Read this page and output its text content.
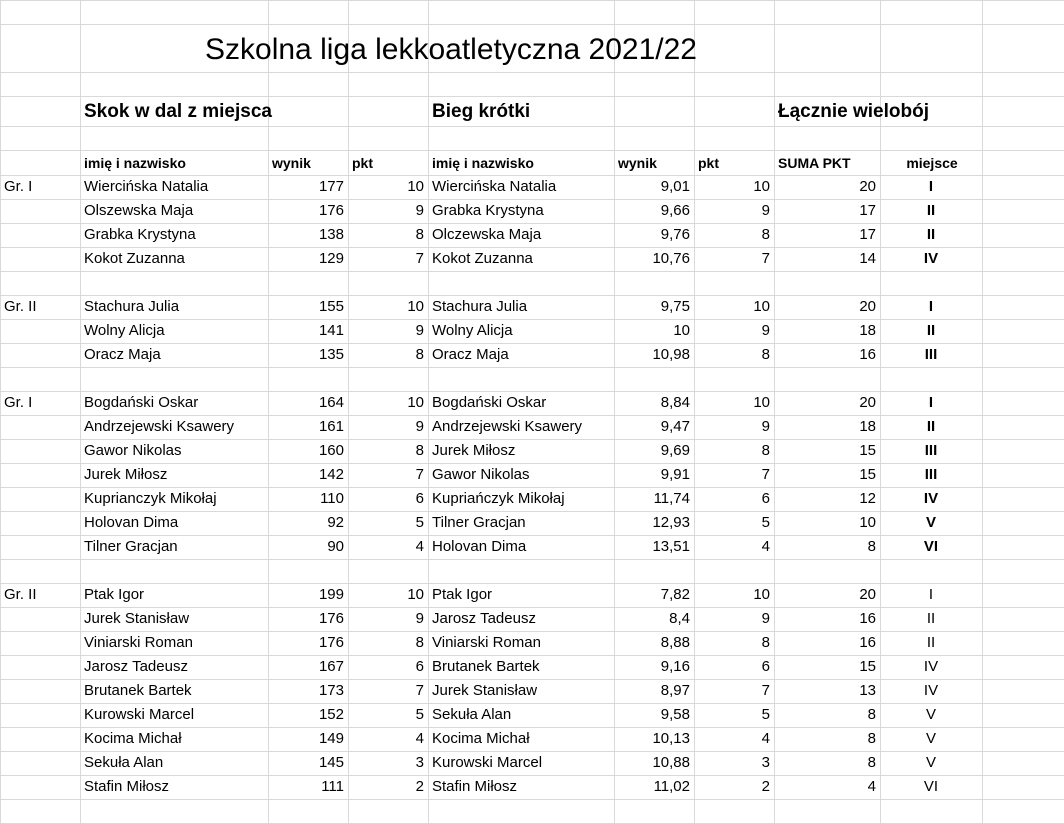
Szkolna liga lekkoatletyczna 2021/22
Skok w dal z miejsca	Bieg krótki	Łącznie wielobój
imię i nazwisko	wynik	pkt	imię i nazwisko	wynik	pkt	SUMA PKT	miejsce
Gr. I	Wiercińska Natalia	177	10 Wiercińska Natalia	9,01	10	20	I
Olszewska Maja	176	9 Grabka Krystyna	9,66	9	17	II
Grabka Krystyna	138	8 Olczewska Maja	9,76	8	17	II
Kokot Zuzanna	129	7 Kokot Zuzanna	10,76	7	14	IV
Gr. II	Stachura Julia	155	10 Stachura Julia	9,75	10	20	I
Wolny Alicja	141	9 Wolny Alicja	10	9	18	II
Oracz Maja	135	8 Oracz Maja	10,98	8	16	III
Gr. I	Bogdański Oskar	164	10 Bogdański Oskar	8,84	10	20	I
Andrzejewski Ksawery	161	9 Andrzejewski Ksawery	9,47	9	18	II
Gawor Nikolas	160	8 Jurek Miłosz	9,69	8	15	III
Jurek Miłosz	142	7 Gawor Nikolas	9,91	7	15	III
Kuprianczyk Mikołaj	110	6 Kupriańczyk Mikołaj	11,74	6	12	IV
Holovan Dima	92	5 Tilner Gracjan	12,93	5	10	V
Tilner Gracjan	90	4 Holovan Dima	13,51	4	8	VI
Gr. II	Ptak Igor	199	10 Ptak Igor	7,82	10	20	I
Jurek Stanisław	176	9 Jarosz Tadeusz	8,4	9	16	II
Viniarski Roman	176	8 Viniarski Roman	8,88	8	16	II
Jarosz Tadeusz	167	6 Brutanek Bartek	9,16	6	15	IV
Brutanek Bartek	173	7 Jurek Stanisław	8,97	7	13	IV
Kurowski Marcel	152	5 Sekuła Alan	9,58	5	8	V
Kocima Michał	149	4 Kocima Michał	10,13	4	8	V
Sekuła Alan	145	3 Kurowski Marcel	10,88	3	8	V
Stafin Miłosz	111	2 Stafin Miłosz	11,02	2	4	VI
